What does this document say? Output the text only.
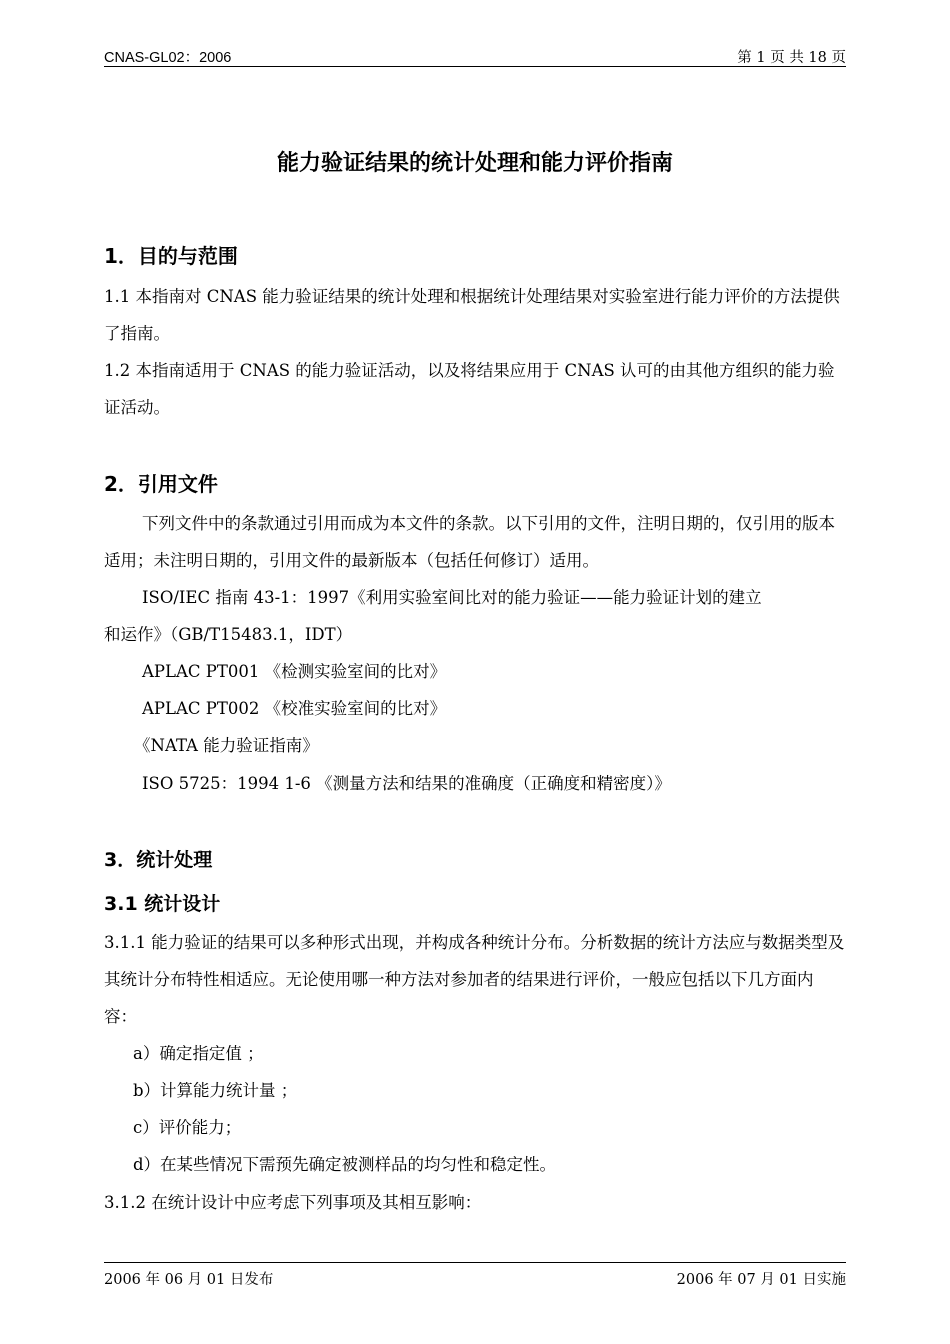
CNAS-GL02：2006	第 1 页 共 18 页
能力验证结果的统计处理和能力评价指南
1．目的与范围
1.1 本指南对 CNAS 能力验证结果的统计处理和根据统计处理结果对实验室进行能力评价的方法提供了指南。
1.2 本指南适用于 CNAS 的能力验证活动，以及将结果应用于 CNAS 认可的由其他方组织的能力验证活动。
2．引用文件
下列文件中的条款通过引用而成为本文件的条款。以下引用的文件，注明日期的，仅引用的版本适用；未注明日期的，引用文件的最新版本（包括任何修订）适用。
ISO/IEC 指南 43-1：1997《利用实验室间比对的能力验证——能力验证计划的建立
和运作》（GB/T15483.1，IDT）
APLAC PT001 《检测实验室间的比对》
APLAC PT002 《校准实验室间的比对》
《NATA 能力验证指南》
ISO 5725：1994 1-6 《测量方法和结果的准确度（正确度和精密度）》
3．统计处理
3.1 统计设计
3.1.1 能力验证的结果可以多种形式出现，并构成各种统计分布。分析数据的统计方法应与数据类型及其统计分布特性相适应。无论使用哪一种方法对参加者的结果进行评价，一般应包括以下几方面内容：
a）确定指定值 ；
b）计算能力统计量 ；
c）评价能力；
d）在某些情况下需预先确定被测样品的均匀性和稳定性。
3.1.2 在统计设计中应考虑下列事项及其相互影响：
2006 年 06 月 01 日发布	2006 年 07 月 01 日实施
